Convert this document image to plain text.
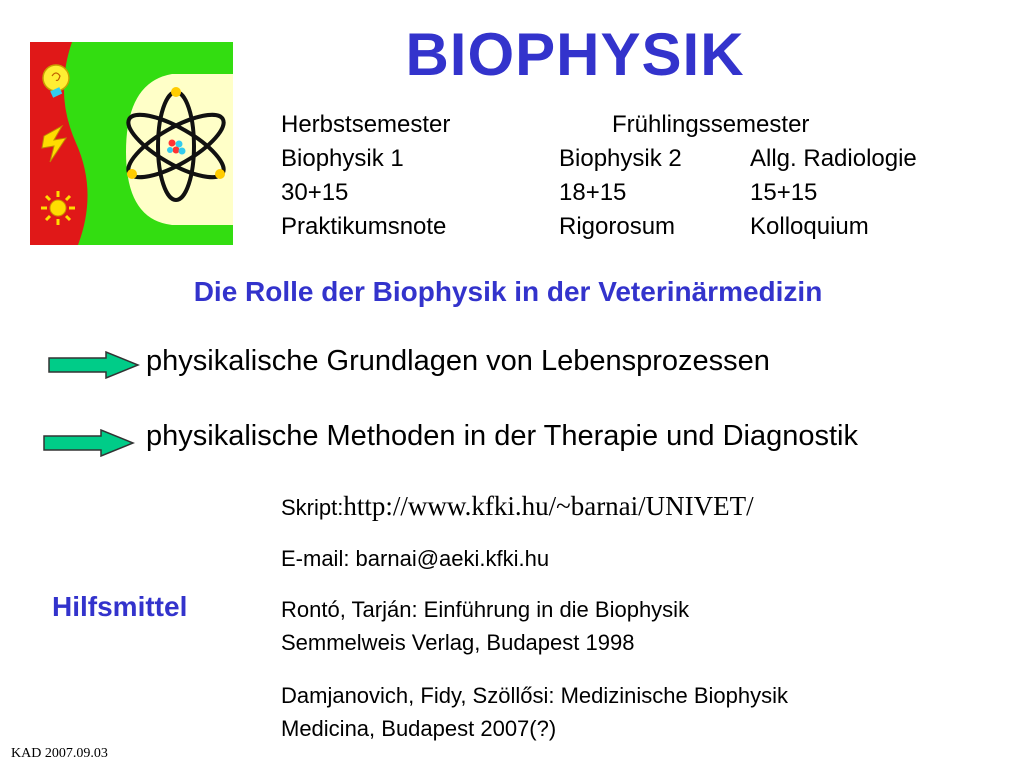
BIOPHYSIK
Herbstsemester	Frühlingssemester
Biophysik 1
30+15
Praktikumsnote
Biophysik 2
18+15
Rigorosum
Allg. Radiologie
15+15
Kolloquium
Die Rolle der Biophysik in der Veterinärmedizin
physikalische Grundlagen von Lebensprozessen
physikalische Methoden in der Therapie und Diagnostik
Skript:http://www.kfki.hu/~barnai/UNIVET/
E-mail: barnai@aeki.kfki.hu
Hilfsmittel	Rontó, Tarján: Einführung in die Biophysik
Semmelweis Verlag, Budapest 1998
Damjanovich, Fidy, Szöllősi: Medizinische Biophysik
Medicina, Budapest 2007(?)
KAD 2007.09.03
